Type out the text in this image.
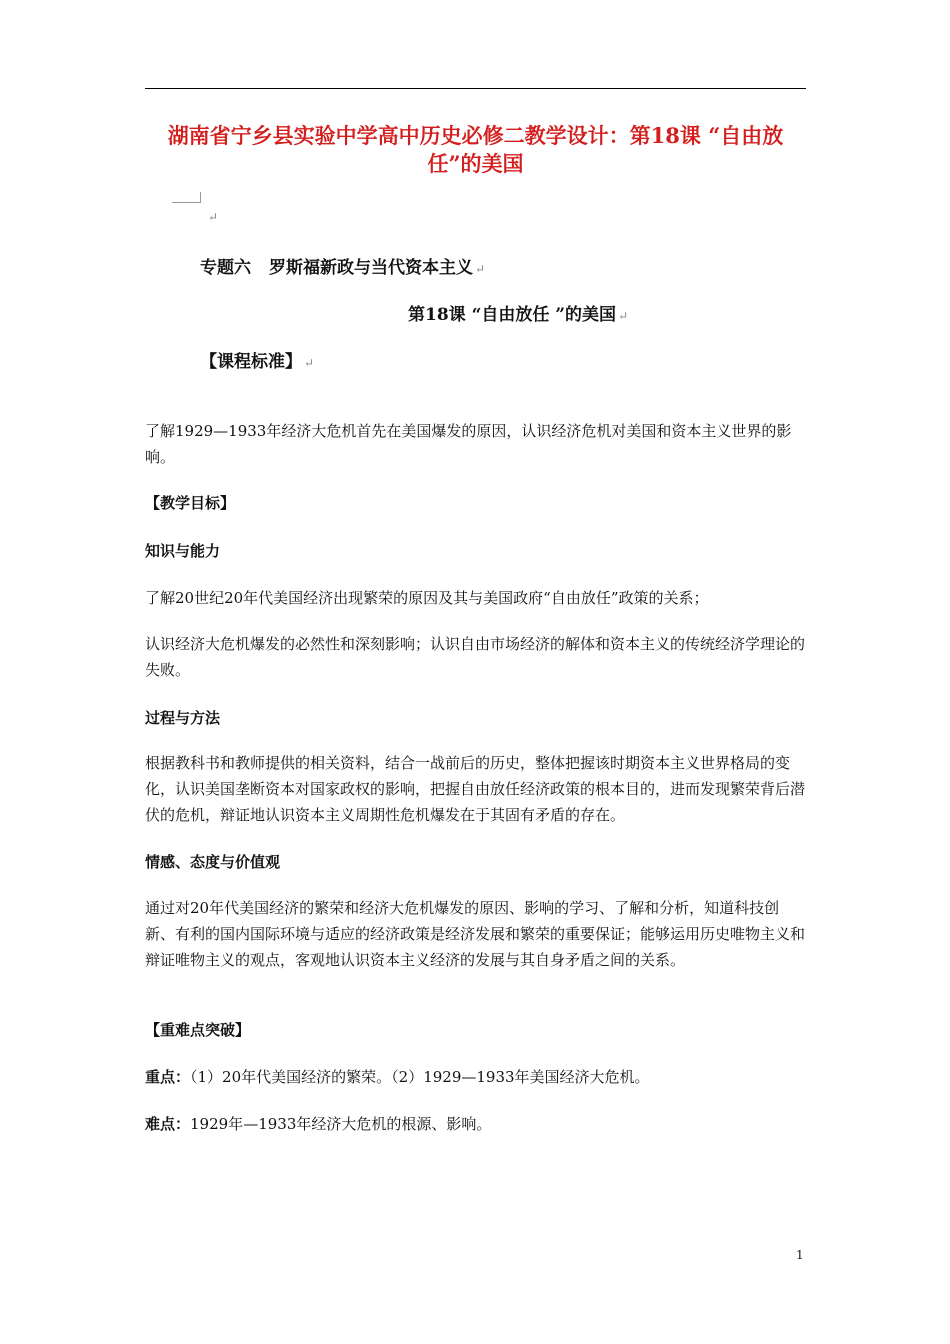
湖南省宁乡县实验中学高中历史必修二教学设计：第18课 “自由放任”的美国
↵
专题六 罗斯福新政与当代资本主义 ↵
第18课 “自由放任 ”的美国 ↵
【课程标准】 ↵

了解1929—1933年经济大危机首先在美国爆发的原因，认识经济危机对美国和资本主义世界的影响。

【教学目标】

知识与能力

了解20世纪20年代美国经济出现繁荣的原因及其与美国政府“自由放任”政策的关系；

认识经济大危机爆发的必然性和深刻影响；认识自由市场经济的解体和资本主义的传统经济学理论的失败。

过程与方法

根据教科书和教师提供的相关资料，结合一战前后的历史，整体把握该时期资本主义世界格局的变化，认识美国垄断资本对国家政权的影响，把握自由放任经济政策的根本目的，进而发现繁荣背后潜伏的危机，辩证地认识资本主义周期性危机爆发在于其固有矛盾的存在。

情感、态度与价值观

通过对20年代美国经济的繁荣和经济大危机爆发的原因、影响的学习、了解和分析，知道科技创新、有利的国内国际环境与适应的经济政策是经济发展和繁荣的重要保证；能够运用历史唯物主义和辩证唯物主义的观点，客观地认识资本主义经济的发展与其自身矛盾之间的关系。

【重难点突破】

重点：（1）20年代美国经济的繁荣。（2）1929—1933年美国经济大危机。

难点：1929年—1933年经济大危机的根源、影响。

1
